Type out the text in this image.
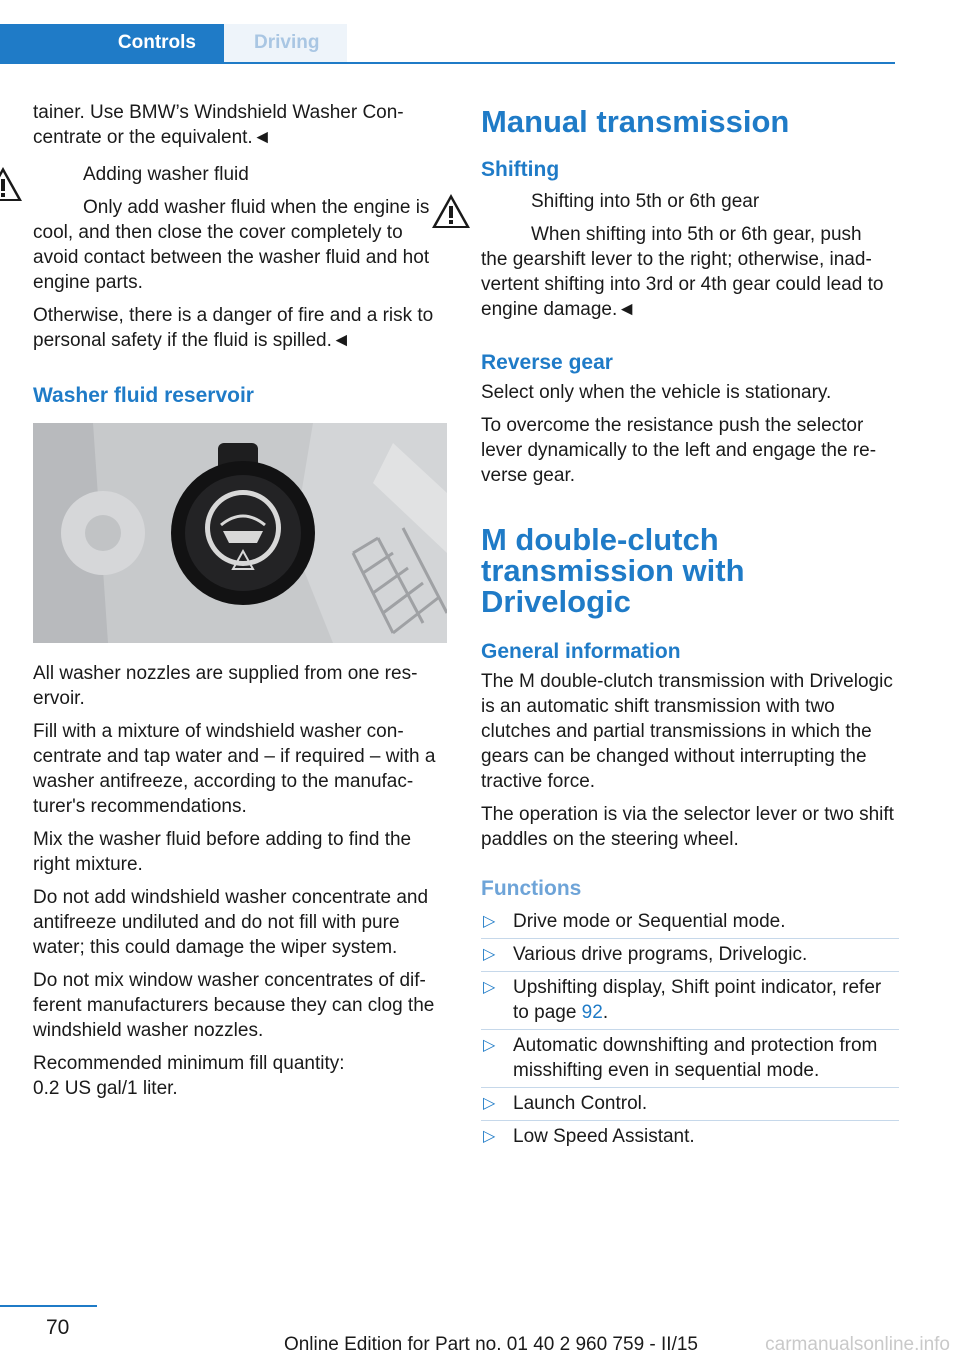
Controls	Driving

tainer. Use BMW’s Windshield Washer Concentrate or the equivalent.◄

Adding washer fluid

Only add washer fluid when the engine is

cool, and then close the cover completely to avoid contact between the washer fluid and hot engine parts.

Otherwise, there is a danger of fire and a risk to personal safety if the fluid is spilled.◄

Washer fluid reservoir

All washer nozzles are supplied from one reservoir.

Fill with a mixture of windshield washer concentrate and tap water and – if required – with a washer antifreeze, according to the manufacturer's recommendations.

Mix the washer fluid before adding to find the right mixture.

Do not add windshield washer concentrate and antifreeze undiluted and do not fill with pure water; this could damage the wiper system.

Do not mix window washer concentrates of different manufacturers because they can clog the windshield washer nozzles.

Recommended minimum fill quantity:
0.2 US gal/1 liter.

Manual transmission
Shifting

Shifting into 5th or 6th gear

When shifting into 5th or 6th gear, push

the gearshift lever to the right; otherwise, inadvertent shifting into 3rd or 4th gear could lead to engine damage.◄

Reverse gear

Select only when the vehicle is stationary.

To overcome the resistance push the selector lever dynamically to the left and engage the reverse gear.

M double-clutch
transmission with Drivelogic
General information

The M double-clutch transmission with Drivelogic is an automatic shift transmission with two clutches and partial transmissions in which the gears can be changed without interrupting the tractive force.

The operation is via the selector lever or two shift paddles on the steering wheel.

Functions
▷ Drive mode or Sequential mode.
▷ Various drive programs, Drivelogic.
▷ Upshifting display, Shift point indicator, refer to page 92.
▷ Automatic downshifting and protection from misshifting even in sequential mode.
▷ Launch Control.
▷ Low Speed Assistant.
70
Online Edition for Part no. 01 40 2 960 759 - II/15	carmanualsonline.info
